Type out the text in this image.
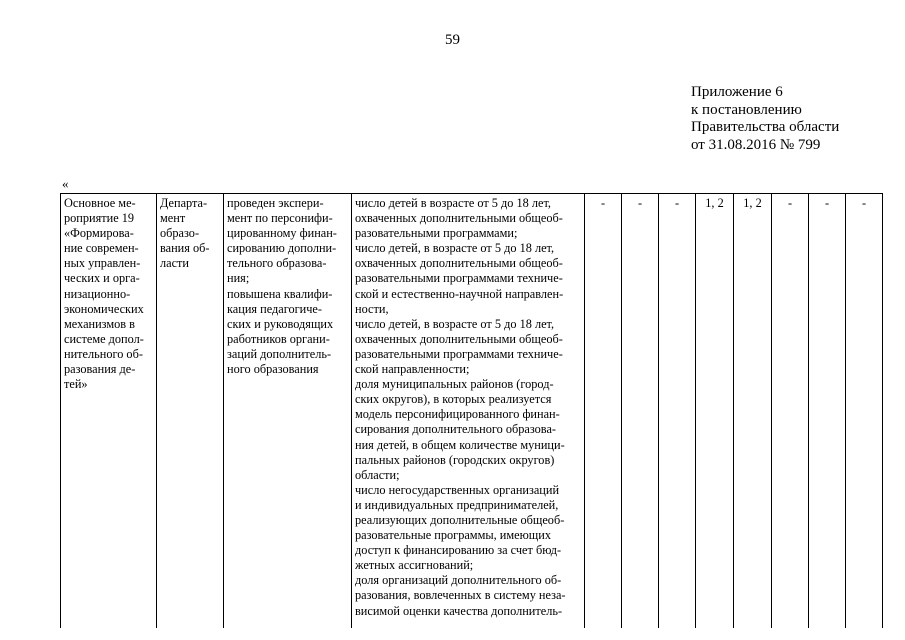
59
Приложение 6
к постановлению
Правительства области
от 31.08.2016 № 799
«
Основное ме-
роприятие 19
«Формирова-
ние современ-
ных управлен-
ческих и орга-
низационно-
экономических
механизмов в
системе допол-
нительного об-
разования де-
тей»

Департа-
мент
образо-
вания об-
ласти

проведен экспери-
мент по персонифи-
цированному финан-
сированию дополни-
тельного образова-
ния;
повышена квалифи-
кация педагогиче-
ских и руководящих
работников органи-
заций дополнитель-
ного образования

число детей в возрасте от 5 до 18 лет,
охваченных дополнительными общеоб-
разовательными программами;
число детей, в возрасте от 5 до 18 лет,
охваченных дополнительными общеоб-
разовательными программами техниче-
ской и естественно-научной направлен-
ности,
число детей, в возрасте от 5 до 18 лет,
охваченных дополнительными общеоб-
разовательными программами техниче-
ской направленности;
доля муниципальных районов (город-
ских округов), в которых реализуется
модель персонифицированного финан-
сирования дополнительного образова-
ния детей, в общем количестве муници-
пальных районов (городских округов)
области;
число негосударственных организаций
и индивидуальных предпринимателей,
реализующих дополнительные общеоб-
разовательные программы, имеющих
доступ к финансированию за счет бюд-
жетных ассигнований;
доля организаций дополнительного об-
разования, вовлеченных в систему неза-
висимой оценки качества дополнитель-
	-	-	-	1, 2	1, 2	-	-	-
